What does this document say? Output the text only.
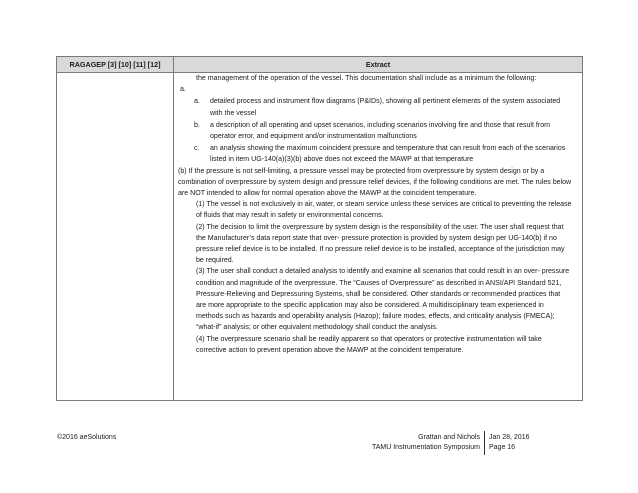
RAGAGEP [3] [10] [11] [12]	Extract

the management of the operation of the vessel. This documentation shall include as a minimum the following:

a.

a. detailed process and instrument flow diagrams (P&IDs), showing all pertinent elements of the system associated with the vessel
b. a description of all operating and upset scenarios, including scenarios involving fire and those that result from operator error, and equipment and/or instrumentation malfunctions
c. an analysis showing the maximum coincident pressure and temperature that can result from each of the scenarios listed in item UG-140(a)(3)(b) above does not exceed the MAWP at that temperature

(b) If the pressure is not self-limiting, a pressure vessel may be protected from overpressure by system design or by a combination of overpressure by system design and pressure relief devices, if the following conditions are met. The rules below are NOT intended to allow for normal operation above the MAWP at the coincident temperature.

(1) The vessel is not exclusively in air, water, or steam service unless these services are critical to preventing the release of fluids that may result in safety or environmental concerns.

(2) The decision to limit the overpressure by system design is the responsibility of the user. The user shall request that the Manufacturer’s data report state that over- pressure protection is provided by system design per UG-140(b) if no pressure relief device is to be installed. If no pressure relief device is to be installed, acceptance of the jurisdiction may be required.

(3) The user shall conduct a detailed analysis to identify and examine all scenarios that could result in an over- pressure condition and magnitude of the overpressure. The “Causes of Overpressure” as described in ANSI/API Standard 521, Pressure-Relieving and Depressuring Systems, shall be considered. Other standards or recommended practices that are more appropriate to the specific application may also be considered. A multidisciplinary team experienced in methods such as hazards and operability analysis (Hazop); failure modes, effects, and criticality analysis (FMECA); “what-if” analysis; or other equivalent methodology shall conduct the analysis.

(4) The overpressure scenario shall be readily apparent so that operators or protective instrumentation will take corrective action to prevent operation above the MAWP at the coincident temperature.

©2016 aeSolutions	Grattan and Nichols
TAMU Instrumentation Symposium
Jan 28, 2016
Page 16
